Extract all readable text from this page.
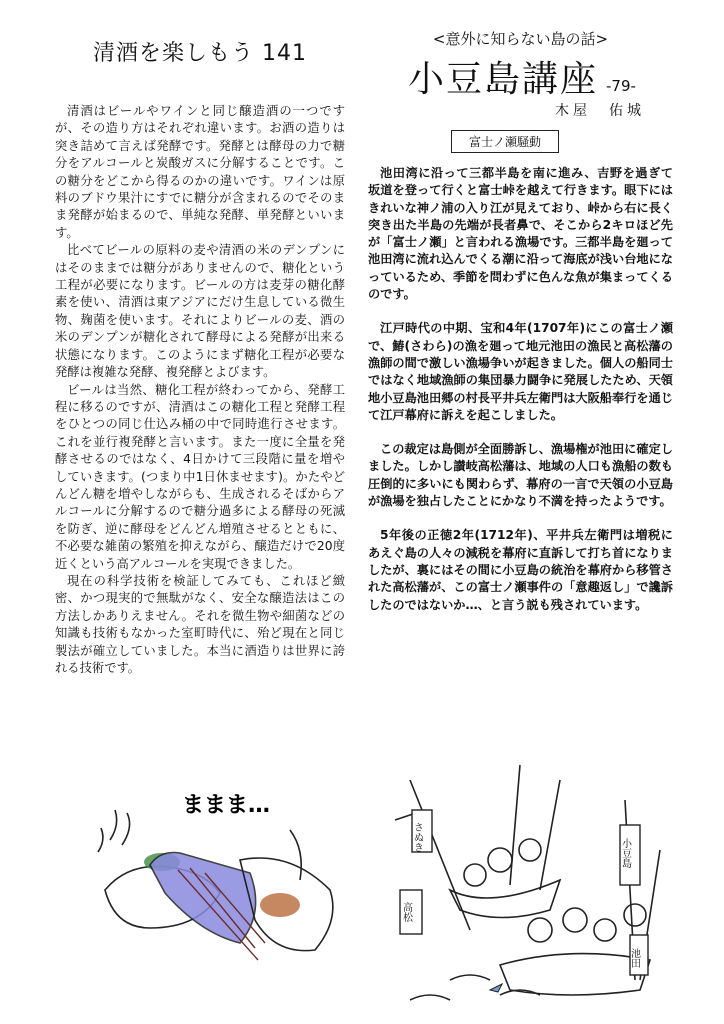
清酒を楽しもう 141

清酒はビールやワインと同じ醸造酒の一つですが、その造り方はそれぞれ違います。お酒の造りは突き詰めて言えば発酵です。発酵とは酵母の力で糖分をアルコールと炭酸ガスに分解することです。この糖分をどこから得るのかの違いです。ワインは原料のブドウ果汁にすでに糖分が含まれるのでそのまま発酵が始まるので、単純な発酵、単発酵といいます。

比べてビールの原料の麦や清酒の米のデンプンにはそのままでは糖分がありませんので、糖化という工程が必要になります。ビールの方は麦芽の糖化酵素を使い、清酒は東アジアにだけ生息している微生物、麹菌を使います。それによりビールの麦、酒の米のデンプンが糖化されて酵母による発酵が出来る状態になります。このようにまず糖化工程が必要な発酵は複雑な発酵、複発酵とよびます。

ビールは当然、糖化工程が終わってから、発酵工程に移るのですが、清酒はこの糖化工程と発酵工程をひとつの同じ仕込み桶の中で同時進行させます。これを並行複発酵と言います。また一度に全量を発酵させるのではなく、4日かけて三段階に量を増やしていきます。(つまり中1日休ませます)。かたやどんどん糖を増やしながらも、生成されるそばからアルコールに分解するので糖分過多による酵母の死滅を防ぎ、逆に酵母をどんどん増殖させるとともに、不必要な雑菌の繁殖を抑えながら、醸造だけで20度近くという高アルコールを実現できました。

現在の科学技術を検証してみても、これほど緻密、かつ現実的で無駄がなく、安全な醸造法はこの方法しかありえません。それを微生物や細菌などの知識も技術もなかった室町時代に、殆ど現在と同じ製法が確立していました。本当に酒造りは世界に誇れる技術です。

ままま…
<意外に知らない島の話>
小豆島講座 -79-
木屋　佑城
富士ノ瀬騒動

池田湾に沿って三都半島を南に進み、吉野を過ぎて坂道を登って行くと富士峠を越えて行きます。眼下にはきれいな神ノ浦の入り江が見えており、峠から右に長く突き出た半島の先端が長者鼻で、そこから2キロほど先が「富士ノ瀬」と言われる漁場です。三都半島を廻って池田湾に流れ込んでくる潮に沿って海底が浅い台地になっているため、季節を問わずに色んな魚が集まってくるのです。

江戸時代の中期、宝和4年(1707年)にこの富士ノ瀬で、鰆(さわら)の漁を廻って地元池田の漁民と高松藩の漁師の間で激しい漁場争いが起きました。個人の船同士ではなく地域漁師の集団暴力闘争に発展したため、天領地小豆島池田郷の村長平井兵左衛門は大阪船奉行を通じて江戸幕府に訴えを起こしました。

この裁定は島側が全面勝訴し、漁場権が池田に確定しました。しかし讃岐高松藩は、地域の人口も漁船の数も圧倒的に多いにも関わらず、幕府の一言で天領の小豆島が漁場を独占したことにかなり不満を持ったようです。

5年後の正徳2年(1712年)、平井兵左衛門は増税にあえぐ島の人々の減税を幕府に直訴して打ち首になりましたが、裏にはその間に小豆島の統治を幕府から移管された高松藩が、この富士ノ瀬事件の「意趣返し」で讒訴したのではないか…、と言う説も残されています。

さぬき
高松
小豆島
池田
